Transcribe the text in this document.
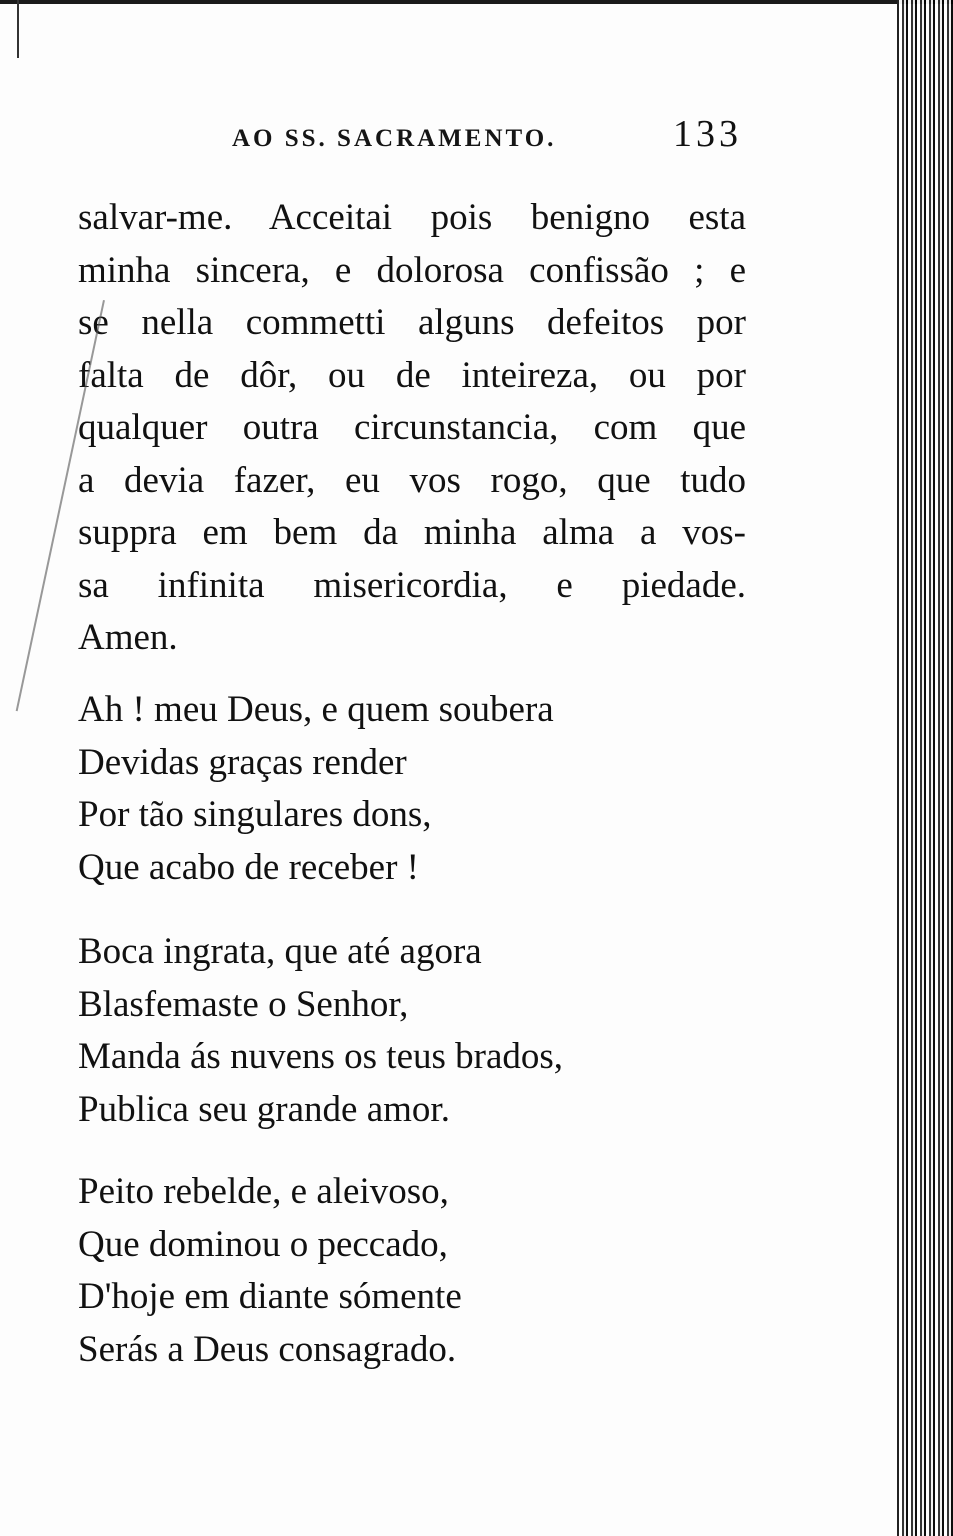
AO SS. SACRAMENTO.	133
salvar-me. Acceitai pois benigno esta
minha sincera, e dolorosa confissão ; e
se nella commetti alguns defeitos por
falta de dôr, ou de inteireza, ou por
qualquer outra circunstancia, com que
a devia fazer, eu vos rogo, que tudo
suppra em bem da minha alma a vos-
sa infinita misericordia, e piedade.
Amen.
Ah ! meu Deus, e quem soubera
Devidas graças render
Por tão singulares dons,
Que acabo de receber !
Boca ingrata, que até agora
Blasfemaste o Senhor,
Manda ás nuvens os teus brados,
Publica seu grande amor.
Peito rebelde, e aleivoso,
Que dominou o peccado,
D'hoje em diante sómente
Serás a Deus consagrado.
